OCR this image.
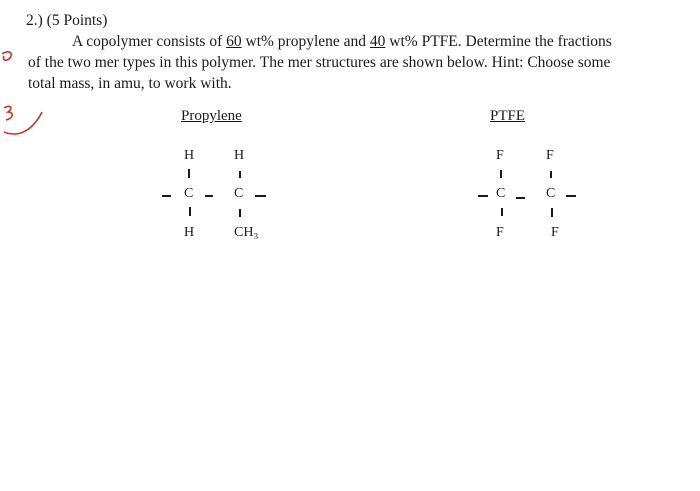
2.) (5 Points)
A copolymer consists of 60 wt% propylene and 40 wt% PTFE. Determine the fractions
of the two mer types in this polymer. The mer structures are shown below. Hint: Choose some
total mass, in amu, to work with.
Propylene
H	H
C	C
H	CH₃
PTFE
F	F
C	C
F	F
